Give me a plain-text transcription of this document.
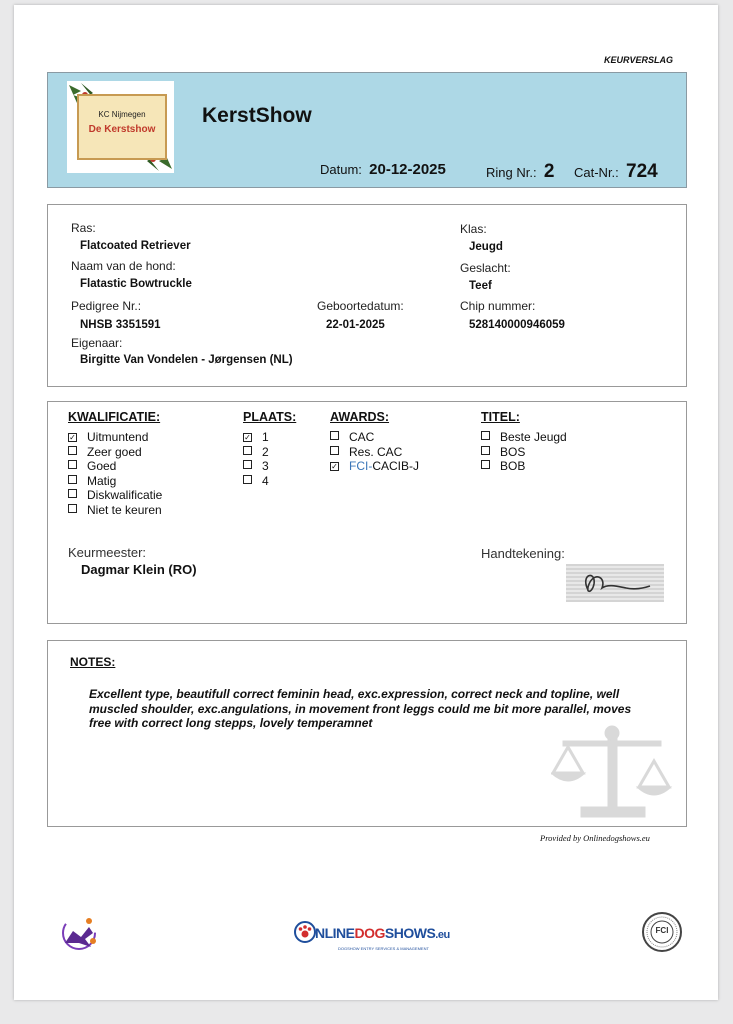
KEURVERSLAG
KC Nijmegen
De Kerstshow
KerstShow
Datum: 20-12-2025	Ring Nr.: 2 Cat-Nr.: 724
Ras:
Flatcoated Retriever
Naam van de hond:
Flatastic Bowtruckle
Pedigree Nr.:
NHSB 3351591
Geboortedatum:
22-01-2025
Eigenaar:
Birgitte Van Vondelen - Jørgensen (NL)
Klas:
Jeugd
Geslacht:
Teef
Chip nummer:
528140000946059
KWALIFICATIE:
✓ Uitmuntend
Zeer goed
Goed
Matig
Diskwalificatie
Niet te keuren
PLAATS:
✓ 1
2
3
4
AWARDS:
CAC
Res. CAC
✓ FCI-CACIB-J
TITEL:
Beste Jeugd
BOS
BOB
Keurmeester:
Dagmar Klein (RO)
Handtekening:
NOTES:
Excellent type, beautifull correct feminin head, exc.expression, correct neck and topline, well muscled shoulder, exc.angulations, in movement front leggs could me bit more parallel, moves free with correct long stepps, lovely temperamnet
Provided by Onlinedogshows.eu
NLINEDOGSHOWS.eu
DOGSHOW ENTRY SERVICES & MANAGEMENT
FCI
